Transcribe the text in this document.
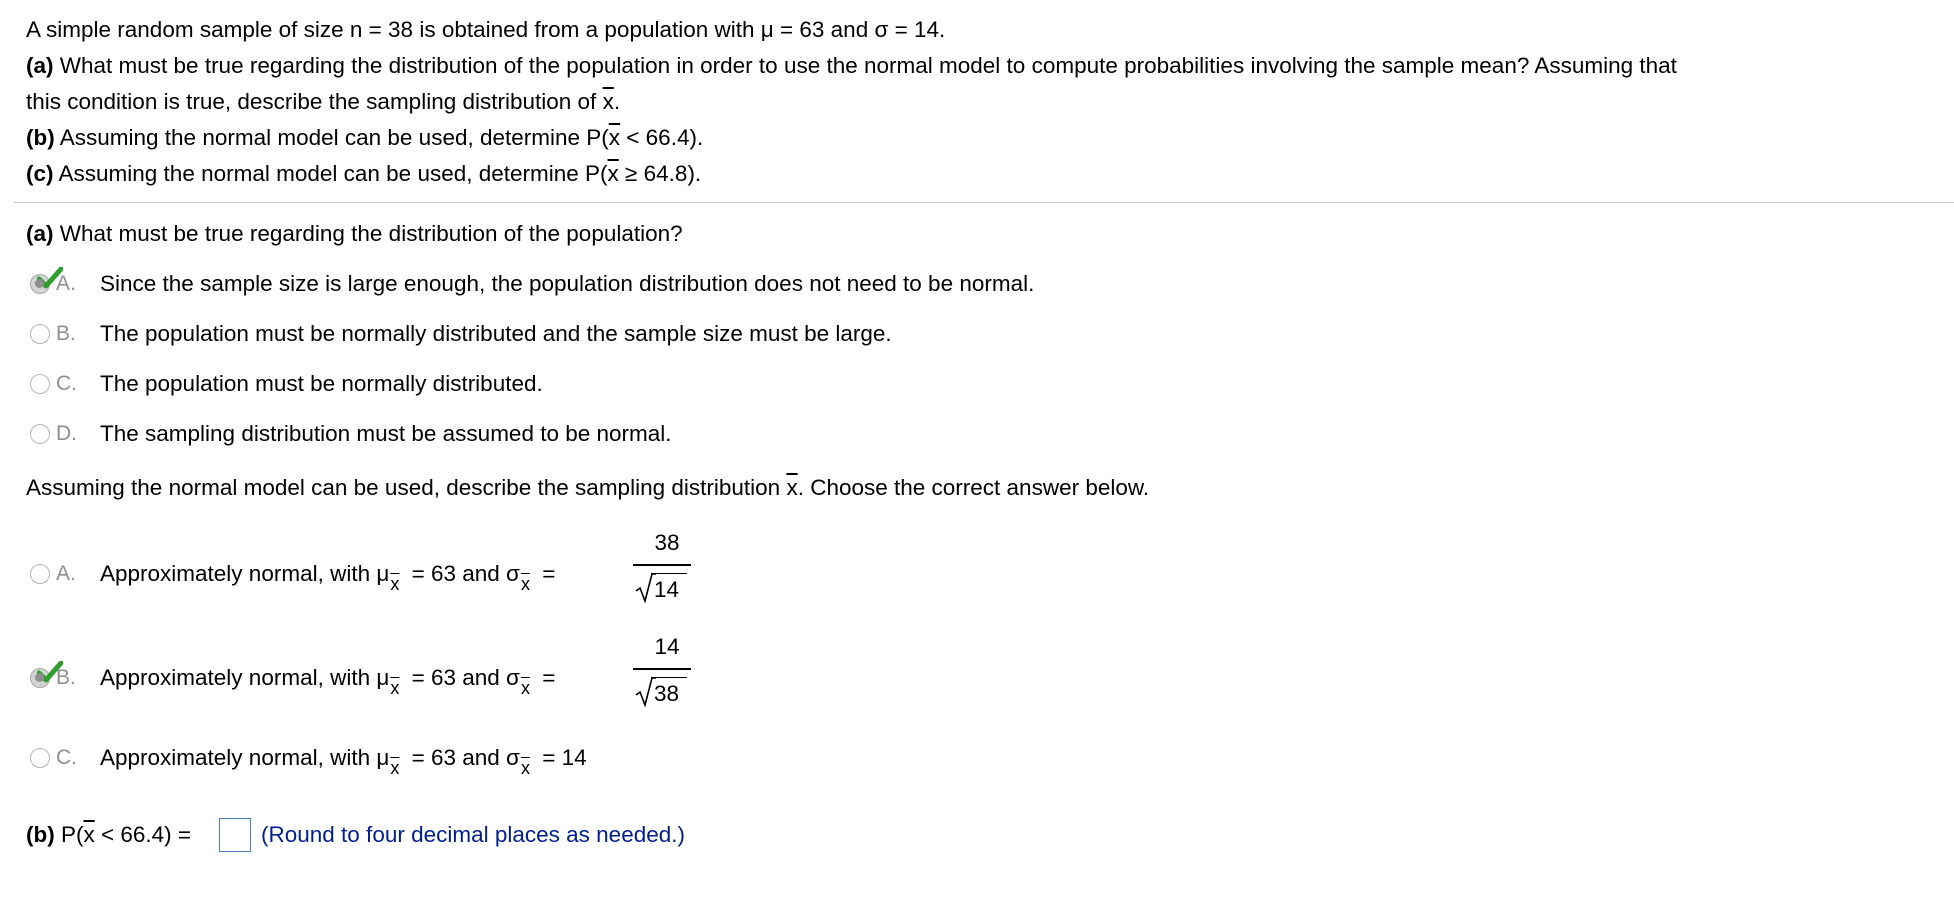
A simple random sample of size n = 38 is obtained from a population with μ = 63 and σ = 14.
(a) What must be true regarding the distribution of the population in order to use the normal model to compute probabilities involving the sample mean? Assuming that
this condition is true, describe the sampling distribution of $\overline{x}$.
(b) Assuming the normal model can be used, determine $P(\overline{x} < 66.4)$.
(c) Assuming the normal model can be used, determine $P(\overline{x} \ge 64.8)$.
(a) What must be true regarding the distribution of the population?
A.	Since the sample size is large enough, the population distribution does not need to be normal.
B.	The population must be normally distributed and the sample size must be large.
C.	The population must be normally distributed.
D.	The sampling distribution must be assumed to be normal.
Assuming the normal model can be used, describe the sampling distribution $\overline{x}$. Choose the correct answer below.
A.	Approximately normal, with $\mu_{\overline{x}} = 63$ and $\sigma_{\overline{x}}$ =
38
14
B.	Approximately normal, with $\mu_{\overline{x}} = 63$ and $\sigma_{\overline{x}}$ =
14
38
C.	Approximately normal, with $\mu_{\overline{x}} = 63$ and $\sigma_{\overline{x}} = 14$
(b) $P(\overline{x} < 66.4)$ =	(Round to four decimal places as needed.)
